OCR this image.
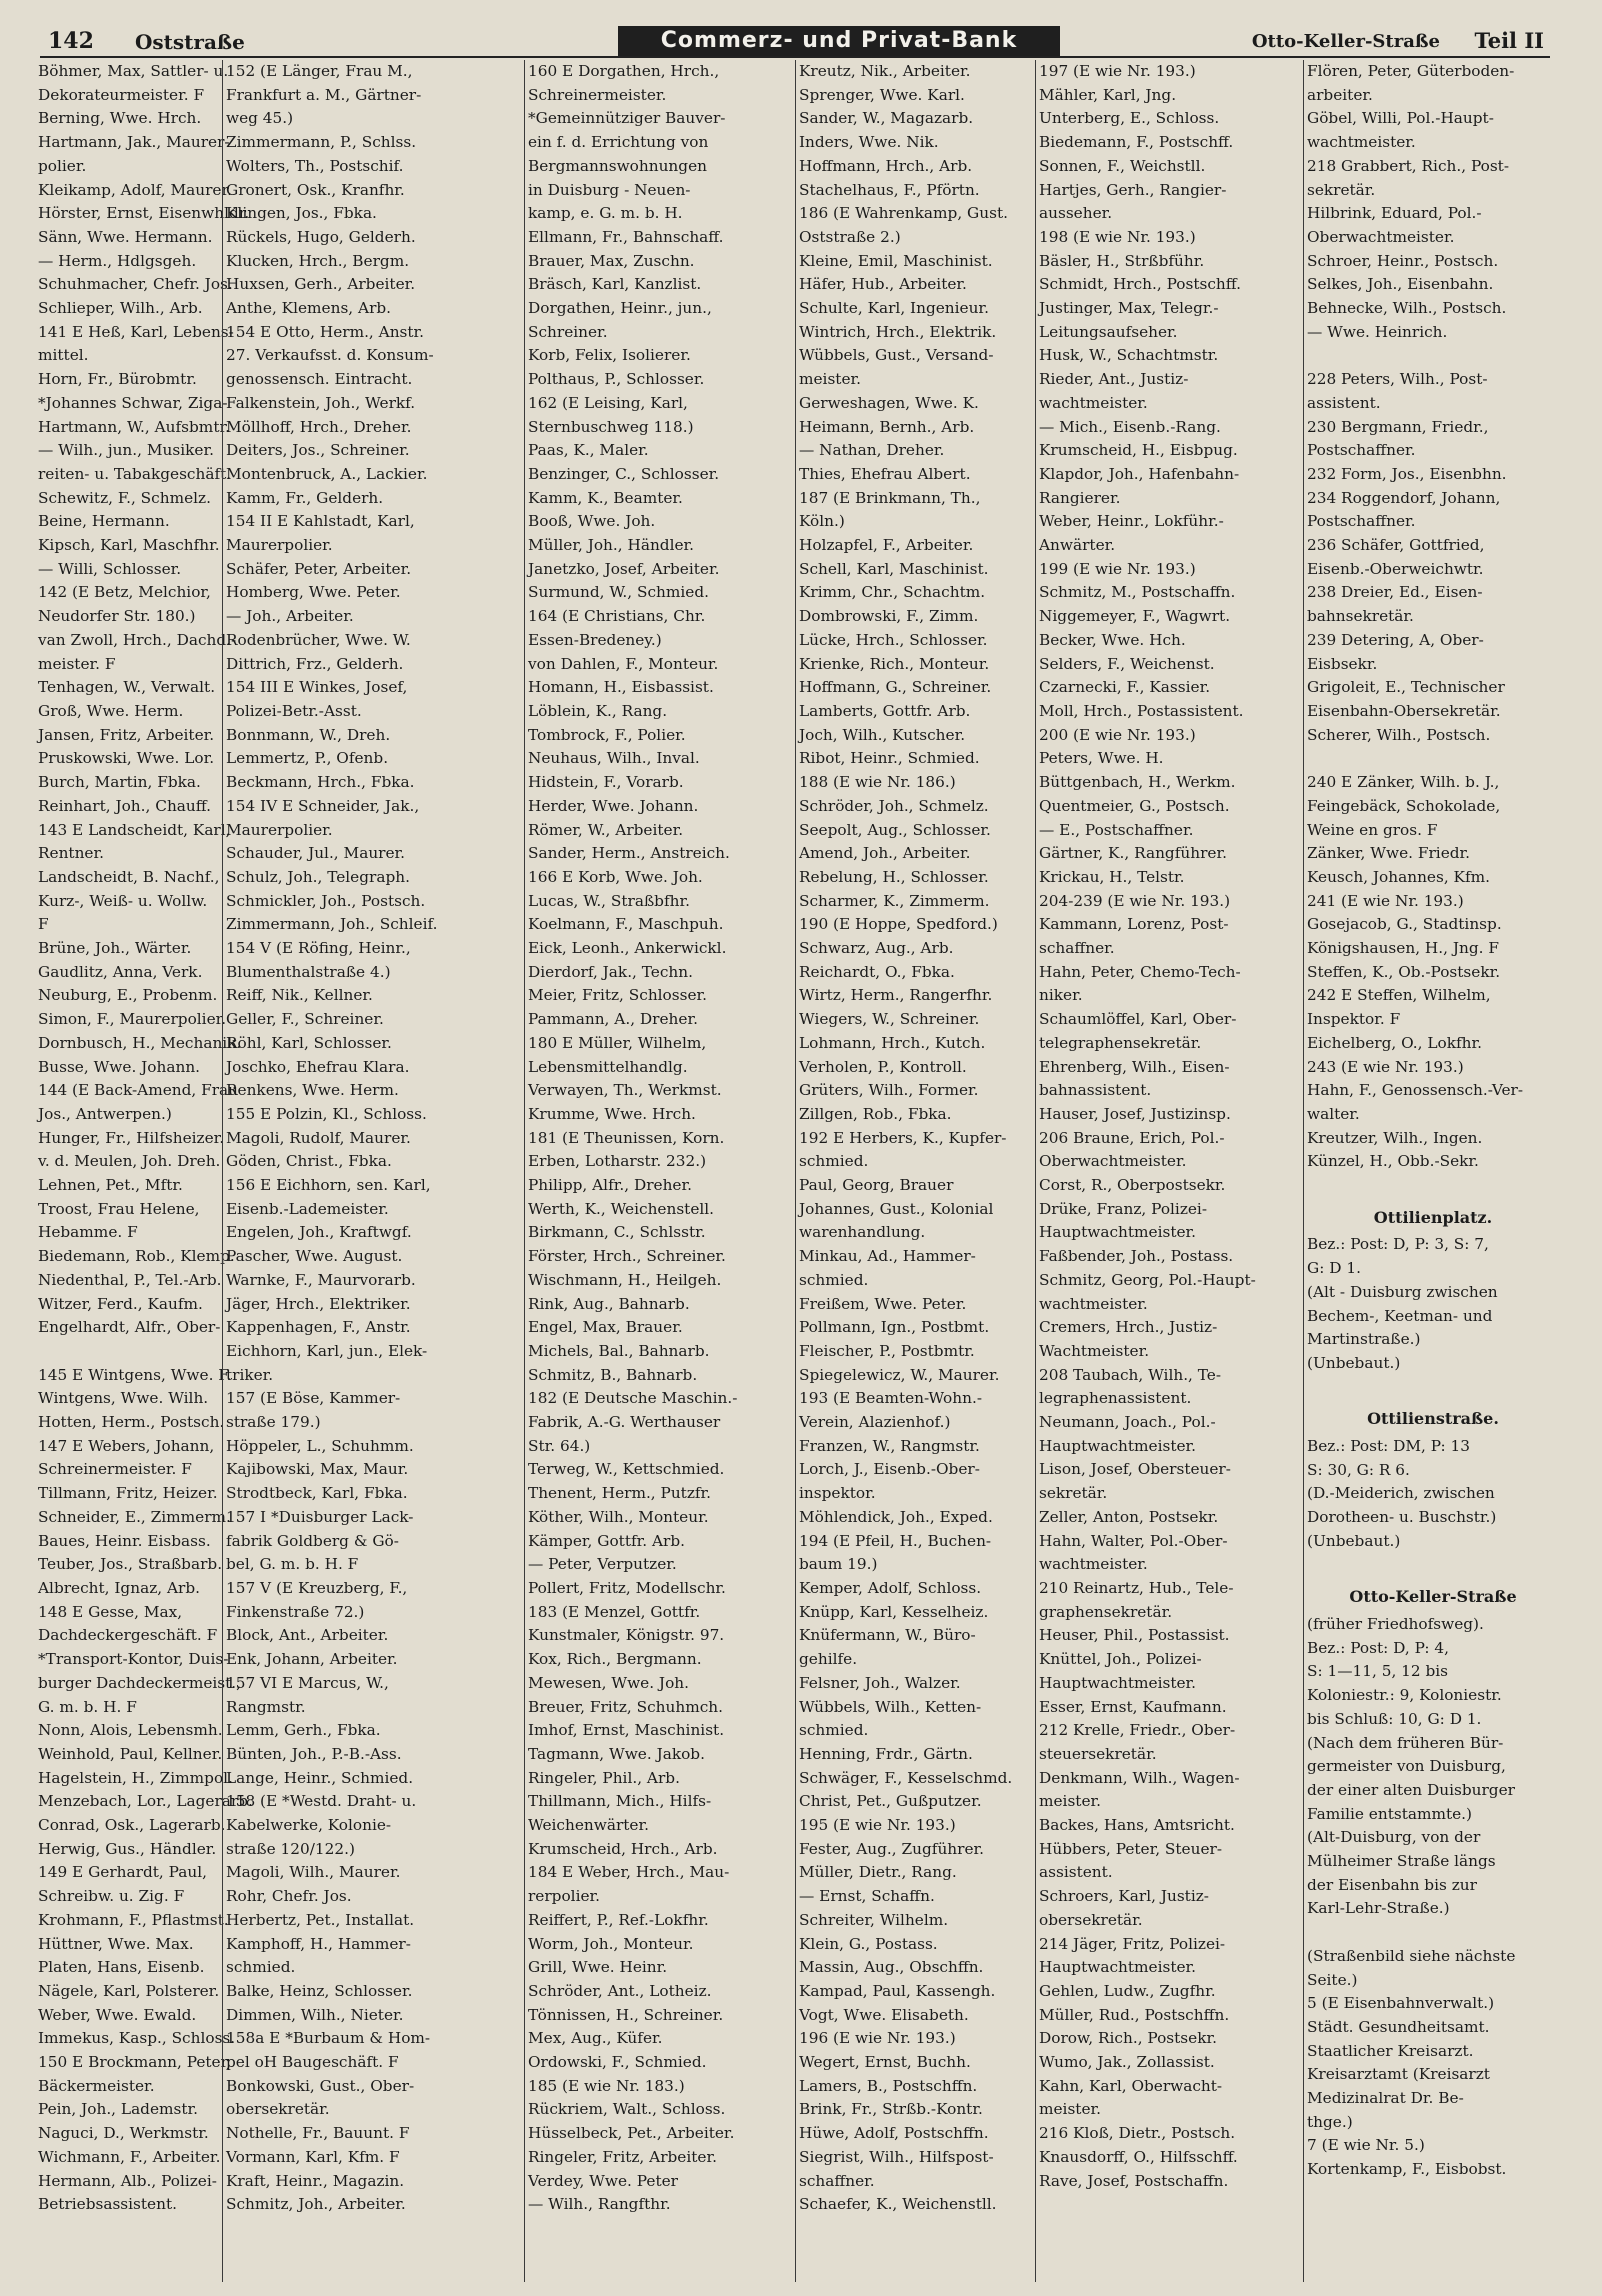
142 Oststraße	Commerz- und Privat-Bank	Otto-Keller-Straße Teil II
Böhmer, Max, Sattler- u.
Dekorateurmeister. F
Berning, Wwe. Hrch.
Hartmann, Jak., Maurer-
polier.
Kleikamp, Adolf, Maurer.
Hörster, Ernst, Eisenwhldr.
Sänn, Wwe. Hermann.
— Herm., Hdlgsgeh.
Schuhmacher, Chefr. Jos.
Schlieper, Wilh., Arb.
141 E Heß, Karl, Lebens-
mittel.
Horn, Fr., Bürobmtr.
*Johannes Schwar, Ziga-
Hartmann, W., Aufsbmtr.
— Wilh., jun., Musiker.
reiten- u. Tabakgeschäft.
Schewitz, F., Schmelz.
Beine, Hermann.
Kipsch, Karl, Maschfhr.
— Willi, Schlosser.
142 (E Betz, Melchior,
Neudorfer Str. 180.)
van Zwoll, Hrch., Dachd.-
meister. F
Tenhagen, W., Verwalt.
Groß, Wwe. Herm.
Jansen, Fritz, Arbeiter.
Pruskowski, Wwe. Lor.
Burch, Martin, Fbka.
Reinhart, Joh., Chauff.
143 E Landscheidt, Karl,
Rentner.
Landscheidt, B. Nachf.,
Kurz-, Weiß- u. Wollw.
F
Brüne, Joh., Wärter.
Gaudlitz, Anna, Verk.
Neuburg, E., Probenm.
Simon, F., Maurerpolier.
Dornbusch, H., Mechanik.
Busse, Wwe. Johann.
144 (E Back-Amend, Frau
Jos., Antwerpen.)
Hunger, Fr., Hilfsheizer.
v. d. Meulen, Joh. Dreh.
Lehnen, Pet., Mftr.
Troost, Frau Helene,
Hebamme. F
Biedemann, Rob., Klemp.
Niedenthal, P., Tel.-Arb.
Witzer, Ferd., Kaufm.
Engelhardt, Alfr., Ober-

145 E Wintgens, Wwe. F.
Wintgens, Wwe. Wilh.
Hotten, Herm., Postsch.
147 E Webers, Johann,
Schreinermeister. F
Tillmann, Fritz, Heizer.
Schneider, E., Zimmerm.
Baues, Heinr. Eisbass.
Teuber, Jos., Straßbarb.
Albrecht, Ignaz, Arb.
148 E Gesse, Max,
Dachdeckergeschäft. F
*Transport-Kontor, Duis-
burger Dachdeckermeist.,
G. m. b. H. F
Nonn, Alois, Lebensmh.
Weinhold, Paul, Kellner.
Hagelstein, H., Zimmpol.
Menzebach, Lor., Lagerarb.
Conrad, Osk., Lagerarb.
Herwig, Gus., Händler.
149 E Gerhardt, Paul,
Schreibw. u. Zig. F
Krohmann, F., Pflastmst.
Hüttner, Wwe. Max.
Platen, Hans, Eisenb.
Nägele, Karl, Polsterer.
Weber, Wwe. Ewald.
Immekus, Kasp., Schloss.
150 E Brockmann, Peter,
Bäckermeister.
Pein, Joh., Lademstr.
Naguci, D., Werkmstr.
Wichmann, F., Arbeiter.
Hermann, Alb., Polizei-
Betriebsassistent.
152 (E Länger, Frau M.,
Frankfurt a. M., Gärtner-
weg 45.)
Zimmermann, P., Schlss.
Wolters, Th., Postschif.
Gronert, Osk., Kranfhr.
Klingen, Jos., Fbka.
Rückels, Hugo, Gelderh.
Klucken, Hrch., Bergm.
Huxsen, Gerh., Arbeiter.
Anthe, Klemens, Arb.
154 E Otto, Herm., Anstr.
27. Verkaufsst. d. Konsum-
genossensch. Eintracht.
Falkenstein, Joh., Werkf.
Möllhoff, Hrch., Dreher.
Deiters, Jos., Schreiner.
Montenbruck, A., Lackier.
Kamm, Fr., Gelderh.
154 II E Kahlstadt, Karl,
Maurerpolier.
Schäfer, Peter, Arbeiter.
Homberg, Wwe. Peter.
— Joh., Arbeiter.
Rodenbrücher, Wwe. W.
Dittrich, Frz., Gelderh.
154 III E Winkes, Josef,
Polizei-Betr.-Asst.
Bonnmann, W., Dreh.
Lemmertz, P., Ofenb.
Beckmann, Hrch., Fbka.
154 IV E Schneider, Jak.,
Maurerpolier.
Schauder, Jul., Maurer.
Schulz, Joh., Telegraph.
Schmickler, Joh., Postsch.
Zimmermann, Joh., Schleif.
154 V (E Röfing, Heinr.,
Blumenthalstraße 4.)
Reiff, Nik., Kellner.
Geller, F., Schreiner.
Röhl, Karl, Schlosser.
Joschko, Ehefrau Klara.
Renkens, Wwe. Herm.
155 E Polzin, Kl., Schloss.
Magoli, Rudolf, Maurer.
Göden, Christ., Fbka.
156 E Eichhorn, sen. Karl,
Eisenb.-Lademeister.
Engelen, Joh., Kraftwgf.
Pascher, Wwe. August.
Warnke, F., Maurvorarb.
Jäger, Hrch., Elektriker.
Kappenhagen, F., Anstr.
Eichhorn, Karl, jun., Elek-
triker.
157 (E Böse, Kammer-
straße 179.)
Höppeler, L., Schuhmm.
Kajibowski, Max, Maur.
Strodtbeck, Karl, Fbka.
157 I *Duisburger Lack-
fabrik Goldberg & Gö-
bel, G. m. b. H. F
157 V (E Kreuzberg, F.,
Finkenstraße 72.)
Block, Ant., Arbeiter.
Enk, Johann, Arbeiter.
157 VI E Marcus, W.,
Rangmstr.
Lemm, Gerh., Fbka.
Bünten, Joh., P.-B.-Ass.
Lange, Heinr., Schmied.
158 (E *Westd. Draht- u.
Kabelwerke, Kolonie-
straße 120/122.)
Magoli, Wilh., Maurer.
Rohr, Chefr. Jos.
Herbertz, Pet., Installat.
Kamphoff, H., Hammer-
schmied.
Balke, Heinz, Schlosser.
Dimmen, Wilh., Nieter.
158a E *Burbaum & Hom-
pel oH Baugeschäft. F
Bonkowski, Gust., Ober-
obersekretär.
Nothelle, Fr., Bauunt. F
Vormann, Karl, Kfm. F
Kraft, Heinr., Magazin.
Schmitz, Joh., Arbeiter.
160 E Dorgathen, Hrch.,
Schreinermeister.
*Gemeinnütziger Bauver-
ein f. d. Errichtung von
Bergmannswohnungen
in Duisburg - Neuen-
kamp, e. G. m. b. H.
Ellmann, Fr., Bahnschaff.
Brauer, Max, Zuschn.
Bräsch, Karl, Kanzlist.
Dorgathen, Heinr., jun.,
Schreiner.
Korb, Felix, Isolierer.
Polthaus, P., Schlosser.
162 (E Leising, Karl,
Sternbuschweg 118.)
Paas, K., Maler.
Benzinger, C., Schlosser.
Kamm, K., Beamter.
Booß, Wwe. Joh.
Müller, Joh., Händler.
Janetzko, Josef, Arbeiter.
Surmund, W., Schmied.
164 (E Christians, Chr.
Essen-Bredeney.)
von Dahlen, F., Monteur.
Homann, H., Eisbassist.
Löblein, K., Rang.
Tombrock, F., Polier.
Neuhaus, Wilh., Inval.
Hidstein, F., Vorarb.
Herder, Wwe. Johann.
Römer, W., Arbeiter.
Sander, Herm., Anstreich.
166 E Korb, Wwe. Joh.
Lucas, W., Straßbfhr.
Koelmann, F., Maschpuh.
Eick, Leonh., Ankerwickl.
Dierdorf, Jak., Techn.
Meier, Fritz, Schlosser.
Pammann, A., Dreher.
180 E Müller, Wilhelm,
Lebensmittelhandlg.
Verwayen, Th., Werkmst.
Krumme, Wwe. Hrch.
181 (E Theunissen, Korn.
Erben, Lotharstr. 232.)
Philipp, Alfr., Dreher.
Werth, K., Weichenstell.
Birkmann, C., Schlsstr.
Förster, Hrch., Schreiner.
Wischmann, H., Heilgeh.
Rink, Aug., Bahnarb.
Engel, Max, Brauer.
Michels, Bal., Bahnarb.
Schmitz, B., Bahnarb.
182 (E Deutsche Maschin.-
Fabrik, A.-G. Werthauser
Str. 64.)
Terweg, W., Kettschmied.
Thenent, Herm., Putzfr.
Köther, Wilh., Monteur.
Kämper, Gottfr. Arb.
— Peter, Verputzer.
Pollert, Fritz, Modellschr.
183 (E Menzel, Gottfr.
Kunstmaler, Königstr. 97.
Kox, Rich., Bergmann.
Mewesen, Wwe. Joh.
Breuer, Fritz, Schuhmch.
Imhof, Ernst, Maschinist.
Tagmann, Wwe. Jakob.
Ringeler, Phil., Arb.
Thillmann, Mich., Hilfs-
Weichenwärter.
Krumscheid, Hrch., Arb.
184 E Weber, Hrch., Mau-
rerpolier.
Reiffert, P., Ref.-Lokfhr.
Worm, Joh., Monteur.
Grill, Wwe. Heinr.
Schröder, Ant., Lotheiz.
Tönnissen, H., Schreiner.
Mex, Aug., Küfer.
Ordowski, F., Schmied.
185 (E wie Nr. 183.)
Rückriem, Walt., Schloss.
Hüsselbeck, Pet., Arbeiter.
Ringeler, Fritz, Arbeiter.
Verdey, Wwe. Peter
— Wilh., Rangfthr.
Kreutz, Nik., Arbeiter.
Sprenger, Wwe. Karl.
Sander, W., Magazarb.
Inders, Wwe. Nik.
Hoffmann, Hrch., Arb.
Stachelhaus, F., Pförtn.
186 (E Wahrenkamp, Gust.
Oststraße 2.)
Kleine, Emil, Maschinist.
Häfer, Hub., Arbeiter.
Schulte, Karl, Ingenieur.
Wintrich, Hrch., Elektrik.
Wübbels, Gust., Versand-
meister.
Gerweshagen, Wwe. K.
Heimann, Bernh., Arb.
— Nathan, Dreher.
Thies, Ehefrau Albert.
187 (E Brinkmann, Th.,
Köln.)
Holzapfel, F., Arbeiter.
Schell, Karl, Maschinist.
Krimm, Chr., Schachtm.
Dombrowski, F., Zimm.
Lücke, Hrch., Schlosser.
Krienke, Rich., Monteur.
Hoffmann, G., Schreiner.
Lamberts, Gottfr. Arb.
Joch, Wilh., Kutscher.
Ribot, Heinr., Schmied.
188 (E wie Nr. 186.)
Schröder, Joh., Schmelz.
Seepolt, Aug., Schlosser.
Amend, Joh., Arbeiter.
Rebelung, H., Schlosser.
Scharmer, K., Zimmerm.
190 (E Hoppe, Spedford.)
Schwarz, Aug., Arb.
Reichardt, O., Fbka.
Wirtz, Herm., Rangerfhr.
Wiegers, W., Schreiner.
Lohmann, Hrch., Kutch.
Verholen, P., Kontroll.
Grüters, Wilh., Former.
Zillgen, Rob., Fbka.
192 E Herbers, K., Kupfer-
schmied.
Paul, Georg, Brauer
Johannes, Gust., Kolonial
warenhandlung.
Minkau, Ad., Hammer-
schmied.
Freißem, Wwe. Peter.
Pollmann, Ign., Postbmt.
Fleischer, P., Postbmtr.
Spiegelewicz, W., Maurer.
193 (E Beamten-Wohn.-
Verein, Alazienhof.)
Franzen, W., Rangmstr.
Lorch, J., Eisenb.-Ober-
inspektor.
Möhlendick, Joh., Exped.
194 (E Pfeil, H., Buchen-
baum 19.)
Kemper, Adolf, Schloss.
Knüpp, Karl, Kesselheiz.
Knüfermann, W., Büro-
gehilfe.
Felsner, Joh., Walzer.
Wübbels, Wilh., Ketten-
schmied.
Henning, Frdr., Gärtn.
Schwäger, F., Kesselschmd.
Christ, Pet., Gußputzer.
195 (E wie Nr. 193.)
Fester, Aug., Zugführer.
Müller, Dietr., Rang.
— Ernst, Schaffn.
Schreiter, Wilhelm.
Klein, G., Postass.
Massin, Aug., Obschffn.
Kampad, Paul, Kassengh.
Vogt, Wwe. Elisabeth.
196 (E wie Nr. 193.)
Wegert, Ernst, Buchh.
Lamers, B., Postschffn.
Brink, Fr., Strßb.-Kontr.
Hüwe, Adolf, Postschffn.
Siegrist, Wilh., Hilfspost-
schaffner.
Schaefer, K., Weichenstll.
197 (E wie Nr. 193.)
Mähler, Karl, Jng.
Unterberg, E., Schloss.
Biedemann, F., Postschff.
Sonnen, F., Weichstll.
Hartjes, Gerh., Rangier-
ausseher.
198 (E wie Nr. 193.)
Bäsler, H., Strßbführ.
Schmidt, Hrch., Postschff.
Justinger, Max, Telegr.-
Leitungsaufseher.
Husk, W., Schachtmstr.
Rieder, Ant., Justiz-
wachtmeister.
— Mich., Eisenb.-Rang.
Krumscheid, H., Eisbpug.
Klapdor, Joh., Hafenbahn-
Rangierer.
Weber, Heinr., Lokführ.-
Anwärter.
199 (E wie Nr. 193.)
Schmitz, M., Postschaffn.
Niggemeyer, F., Wagwrt.
Becker, Wwe. Hch.
Selders, F., Weichenst.
Czarnecki, F., Kassier.
Moll, Hrch., Postassistent.
200 (E wie Nr. 193.)
Peters, Wwe. H.
Büttgenbach, H., Werkm.
Quentmeier, G., Postsch.
— E., Postschaffner.
Gärtner, K., Rangführer.
Krickau, H., Telstr.
204-239 (E wie Nr. 193.)
Kammann, Lorenz, Post-
schaffner.
Hahn, Peter, Chemo-Tech-
niker.
Schaumlöffel, Karl, Ober-
telegraphensekretär.
Ehrenberg, Wilh., Eisen-
bahnassistent.
Hauser, Josef, Justizinsp.
206 Braune, Erich, Pol.-
Oberwachtmeister.
Corst, R., Oberpostsekr.
Drüke, Franz, Polizei-
Hauptwachtmeister.
Faßbender, Joh., Postass.
Schmitz, Georg, Pol.-Haupt-
wachtmeister.
Cremers, Hrch., Justiz-
Wachtmeister.
208 Taubach, Wilh., Te-
legraphenassistent.
Neumann, Joach., Pol.-
Hauptwachtmeister.
Lison, Josef, Obersteuer-
sekretär.
Zeller, Anton, Postsekr.
Hahn, Walter, Pol.-Ober-
wachtmeister.
210 Reinartz, Hub., Tele-
graphensekretär.
Heuser, Phil., Postassist.
Knüttel, Joh., Polizei-
Hauptwachtmeister.
Esser, Ernst, Kaufmann.
212 Krelle, Friedr., Ober-
steuersekretär.
Denkmann, Wilh., Wagen-
meister.
Backes, Hans, Amtsricht.
Hübbers, Peter, Steuer-
assistent.
Schroers, Karl, Justiz-
obersekretär.
214 Jäger, Fritz, Polizei-
Hauptwachtmeister.
Gehlen, Ludw., Zugfhr.
Müller, Rud., Postschffn.
Dorow, Rich., Postsekr.
Wumo, Jak., Zollassist.
Kahn, Karl, Oberwacht-
meister.
216 Kloß, Dietr., Postsch.
Knausdorff, O., Hilfsschff.
Rave, Josef, Postschaffn.
Flören, Peter, Güterboden-
arbeiter.
Göbel, Willi, Pol.-Haupt-
wachtmeister.
218 Grabbert, Rich., Post-
sekretär.
Hilbrink, Eduard, Pol.-
Oberwachtmeister.
Schroer, Heinr., Postsch.
Selkes, Joh., Eisenbahn.
Behnecke, Wilh., Postsch.
— Wwe. Heinrich.

228 Peters, Wilh., Post-
assistent.
230 Bergmann, Friedr.,
Postschaffner.
232 Form, Jos., Eisenbhn.
234 Roggendorf, Johann,
Postschaffner.
236 Schäfer, Gottfried,
Eisenb.-Oberweichwtr.
238 Dreier, Ed., Eisen-
bahnsekretär.
239 Detering, A, Ober-
Eisbsekr.
Grigoleit, E., Technischer
Eisenbahn-Obersekretär.
Scherer, Wilh., Postsch.

240 E Zänker, Wilh. b. J.,
Feingebäck, Schokolade,
Weine en gros. F
Zänker, Wwe. Friedr.
Keusch, Johannes, Kfm.
241 (E wie Nr. 193.)
Gosejacob, G., Stadtinsp.
Königshausen, H., Jng. F
Steffen, K., Ob.-Postsekr.
242 E Steffen, Wilhelm,
Inspektor. F
Eichelberg, O., Lokfhr.
243 (E wie Nr. 193.)
Hahn, F., Genossensch.-Ver-
walter.
Kreutzer, Wilh., Ingen.
Künzel, H., Obb.-Sekr.

Ottilienplatz.
Bez.: Post: D, P: 3, S: 7,
G: D 1.
(Alt - Duisburg zwischen
Bechem-, Keetman- und
Martinstraße.)
(Unbebaut.)

Ottilienstraße.
Bez.: Post: DM, P: 13
S: 30, G: R 6.
(D.-Meiderich, zwischen
Dorotheen- u. Buschstr.)
(Unbebaut.)

Otto-Keller-Straße
(früher Friedhofsweg).
Bez.: Post: D, P: 4,
S: 1—11, 5, 12 bis
Koloniestr.: 9, Koloniestr.
bis Schluß: 10, G: D 1.
(Nach dem früheren Bür-
germeister von Duisburg,
der einer alten Duisburger
Familie entstammte.)
(Alt-Duisburg, von der
Mülheimer Straße längs
der Eisenbahn bis zur
Karl-Lehr-Straße.)

(Straßenbild siehe nächste
Seite.)
5 (E Eisenbahnverwalt.)
Städt. Gesundheitsamt.
Staatlicher Kreisarzt.
Kreisarztamt (Kreisarzt
Medizinalrat Dr. Be-
thge.)
7 (E wie Nr. 5.)
Kortenkamp, F., Eisbobst.
